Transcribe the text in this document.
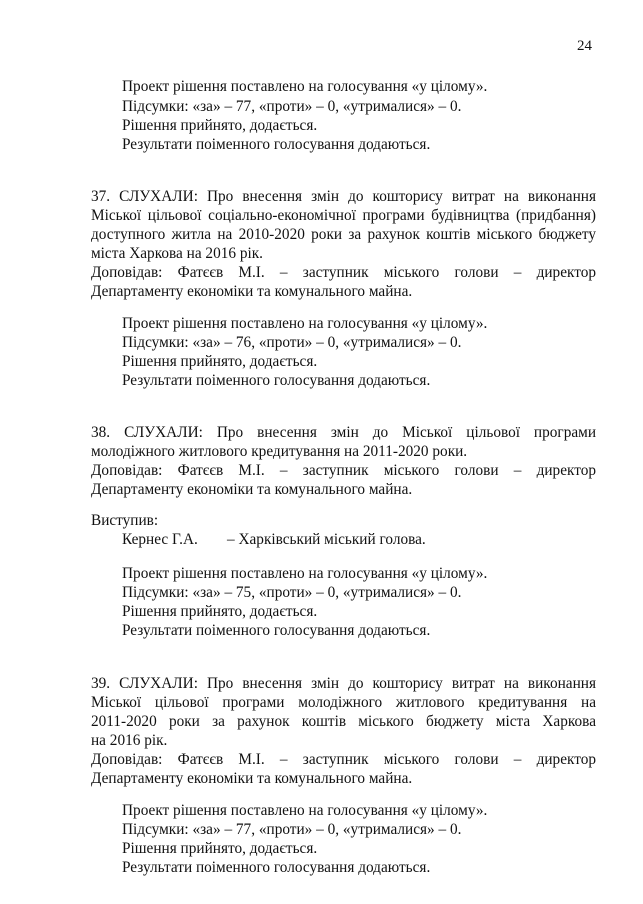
24
Проект рішення поставлено на голосування «у цілому».
Підсумки: «за» – 77, «проти» – 0, «утрималися» – 0.
Рішення прийнято, додається.
Результати поіменного голосування додаються.
37. СЛУХАЛИ: Про внесення змін до кошторису витрат на виконання
Міської цільової соціально-економічної програми будівництва (придбання)
доступного житла на 2010-2020 роки за рахунок коштів міського бюджету
міста Харкова на 2016 рік.
Доповідав: Фатєєв М.І. – заступник міського голови – директор
Департаменту економіки та комунального майна.
Проект рішення поставлено на голосування «у цілому».
Підсумки: «за» – 76, «проти» – 0, «утрималися» – 0.
Рішення прийнято, додається.
Результати поіменного голосування додаються.
38. СЛУХАЛИ: Про внесення змін до Міської цільової програми
молодіжного житлового кредитування на 2011-2020 роки.
Доповідав: Фатєєв М.І. – заступник міського голови – директор
Департаменту економіки та комунального майна.
Виступив:
Кернес Г.А. – Харківський міський голова.
Проект рішення поставлено на голосування «у цілому».
Підсумки: «за» – 75, «проти» – 0, «утрималися» – 0.
Рішення прийнято, додається.
Результати поіменного голосування додаються.
39. СЛУХАЛИ: Про внесення змін до кошторису витрат на виконання
Міської цільової програми молодіжного житлового кредитування на
2011-2020 роки за рахунок коштів міського бюджету міста Харкова
на 2016 рік.
Доповідав: Фатєєв М.І. – заступник міського голови – директор
Департаменту економіки та комунального майна.
Проект рішення поставлено на голосування «у цілому».
Підсумки: «за» – 77, «проти» – 0, «утрималися» – 0.
Рішення прийнято, додається.
Результати поіменного голосування додаються.
